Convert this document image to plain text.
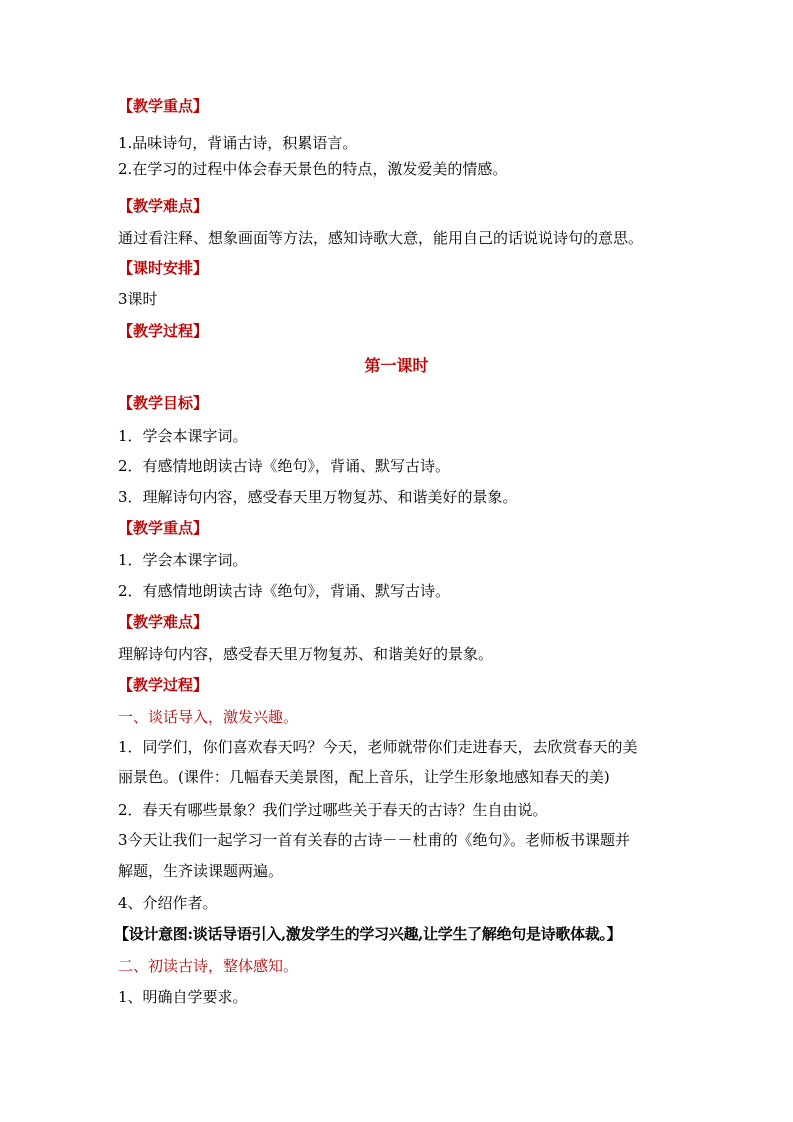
【教学重点】
1.品味诗句，背诵古诗，积累语言。
2.在学习的过程中体会春天景色的特点，激发爱美的情感。
【教学难点】
通过看注释、想象画面等方法，感知诗歌大意，能用自己的话说说诗句的意思。
【课时安排】
3课时
【教学过程】
第一课时
【教学目标】
1．学会本课字词。
2．有感情地朗读古诗《绝句》，背诵、默写古诗。
3．理解诗句内容，感受春天里万物复苏、和谐美好的景象。
【教学重点】
1．学会本课字词。
2．有感情地朗读古诗《绝句》，背诵、默写古诗。
【教学难点】
理解诗句内容，感受春天里万物复苏、和谐美好的景象。
【教学过程】
一、谈话导入，激发兴趣。
1．同学们，你们喜欢春天吗？今天，老师就带你们走进春天，去欣赏春天的美
丽景色。(课件：几幅春天美景图，配上音乐，让学生形象地感知春天的美)
2．春天有哪些景象？我们学过哪些关于春天的古诗？生自由说。
3今天让我们一起学习一首有关春的古诗－－杜甫的《绝句》。老师板书课题并
解题，生齐读课题两遍。
4、介绍作者。
【设计意图:谈话导语引入,激发学生的学习兴趣,让学生了解绝句是诗歌体裁。】
二、初读古诗，整体感知。
1、明确自学要求。
